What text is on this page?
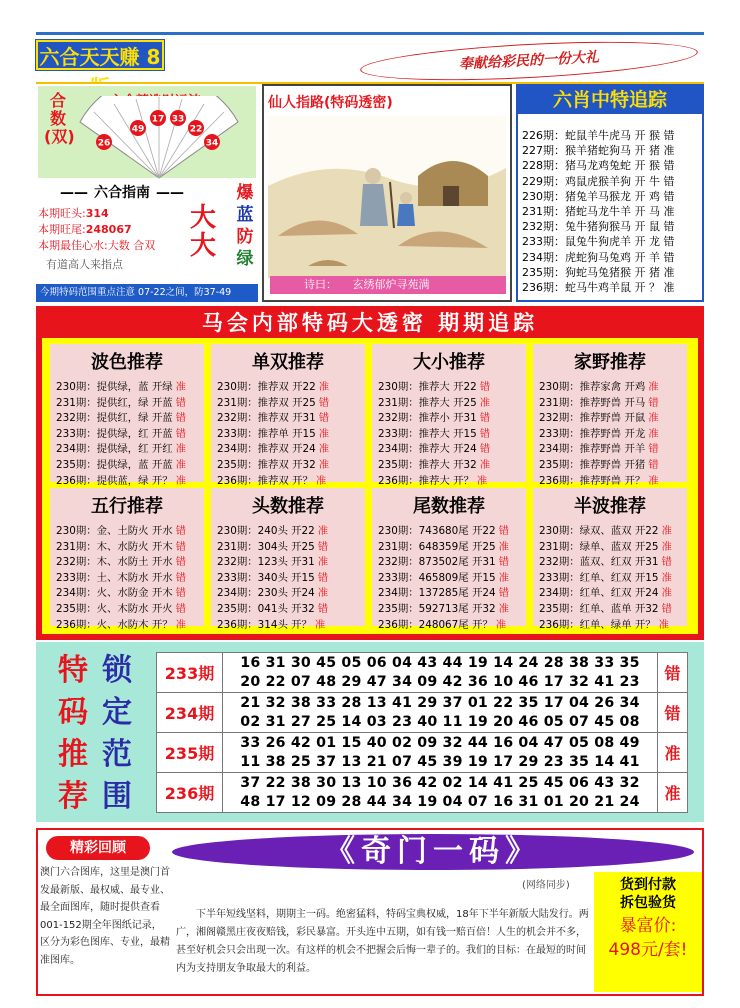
六合天天赚 8	奉献给彩民的一份大礼
合数(双)	26
49
17 33
22
34
—— 六合指南 ——
本期旺头:314
本期旺尾:248067
本期最佳心水:大数 合双
大大
爆
蓝
防
绿
有道高人来指点
今期特码范围重点注意 07-22之间，防37-49
仙人指路(特码透密)
诗曰： 玄绣郁炉寻苑满
六肖中特追踪
226期：蛇鼠羊牛虎马 开 猴 错
227期：猴羊猪蛇狗马 开 猪 准
228期：猪马龙鸡兔蛇 开 猴 错
229期：鸡鼠虎猴羊狗 开 牛 错
230期：猪兔羊马猴龙 开 鸡 错
231期：猪蛇马龙牛羊 开 马 准
232期：兔牛猪狗猴马 开 鼠 错
233期：鼠兔牛狗虎羊 开 龙 错
234期：虎蛇狗马兔鸡 开 羊 错
235期：狗蛇马兔猪猴 开 猪 准
236期：蛇马牛鸡羊鼠 开 ？ 准
马会内部特码大透密 期期追踪
波色推荐
230期：提供绿，蓝 开绿 准
231期：提供红，绿 开蓝 错
232期：提供红，绿 开蓝 错
233期：提供绿，红 开蓝 错
234期：提供绿，红 开红 准
235期：提供绿，蓝 开蓝 准
236期：提供蓝，绿 开？ 准
单双推荐
230期：推荐双 开22 准
231期：推荐双 开25 错
232期：推荐双 开31 错
233期：推荐单 开15 准
234期：推荐双 开24 准
235期：推荐双 开32 准
236期：推荐双 开？ 准
大小推荐
230期：推荐大 开22 错
231期：推荐大 开25 准
232期：推荐小 开31 错
233期：推荐大 开15 错
234期：推荐大 开24 错
235期：推荐大 开32 准
236期：推荐大 开？ 准
家野推荐
230期：推荐家禽 开鸡 准
231期：推荐野兽 开马 错
232期：推荐野兽 开鼠 准
233期：推荐野兽 开龙 准
234期：推荐野兽 开羊 错
235期：推荐野兽 开猪 错
236期：推荐野兽 开？ 准
五行推荐
230期：金、土防火 开水 错
231期：木、水防火 开木 错
232期：木、水防土 开水 错
233期：土、木防水 开水 错
234期：火、水防金 开木 错
235期：火、木防水 开火 错
236期：火、水防木 开？ 准
头数推荐
230期：240头 开22 准
231期：304头 开25 错
232期：123头 开31 准
233期：340头 开15 错
234期：230头 开24 准
235期：041头 开32 错
236期：314头 开？ 准
尾数推荐
230期：743680尾 开22 错
231期：648359尾 开25 准
232期：873502尾 开31 错
233期：465809尾 开15 准
234期：137285尾 开24 错
235期：592713尾 开32 准
236期：248067尾 开？ 准
半波推荐
230期：绿双、蓝双 开22 准
231期：绿单、蓝双 开25 准
232期：蓝双、红双 开31 错
233期：红单、红双 开15 准
234期：红单、红双 开24 准
235期：红单、蓝单 开32 错
236期：红单、绿单 开？ 准
特
码
推
荐
锁
定
范
围
233期	16 31 30 45 05 06 04 43 44 19 14 24 28 38 33 35
20 22 07 48 29 47 34 09 42 36 10 46 17 32 41 23	错
234期	21 32 38 33 28 13 41 29 37 01 22 35 17 04 26 34
02 31 27 25 14 03 23 40 11 19 20 46 05 07 45 08	错
235期	33 26 42 01 15 40 02 09 32 44 16 04 47 05 08 49
11 38 25 37 13 21 07 45 39 19 17 29 23 35 14 41	准
236期	37 22 38 30 13 10 36 42 02 14 41 25 45 06 43 32
48 17 12 09 28 44 34 19 04 07 16 31 01 20 21 24	准
精彩回顾
澳门六合图库，这里是澳门首发最新版、最权威、最专业、最全面图库，随时提供查看001-152期全年图纸记录，区分为彩色图库、专业，最精准图库。
《奇门一码》
(网络同步)
下半年短线坚料，期期主一码。绝密猛料，特码宝典权威，18年下半年新版大陆发行。两广，湘阁赣黑庄夜夜赔钱，彩民暴富。开头连中五期，如有钱一赔百倍！人生的机会并不多，甚至好机会只会出现一次。有这样的机会不把握会后悔一辈子的。我们的目标：在最短的时间内为支持朋友争取最大的利益。
货到付款
拆包验货
暴富价:
498元/套!
